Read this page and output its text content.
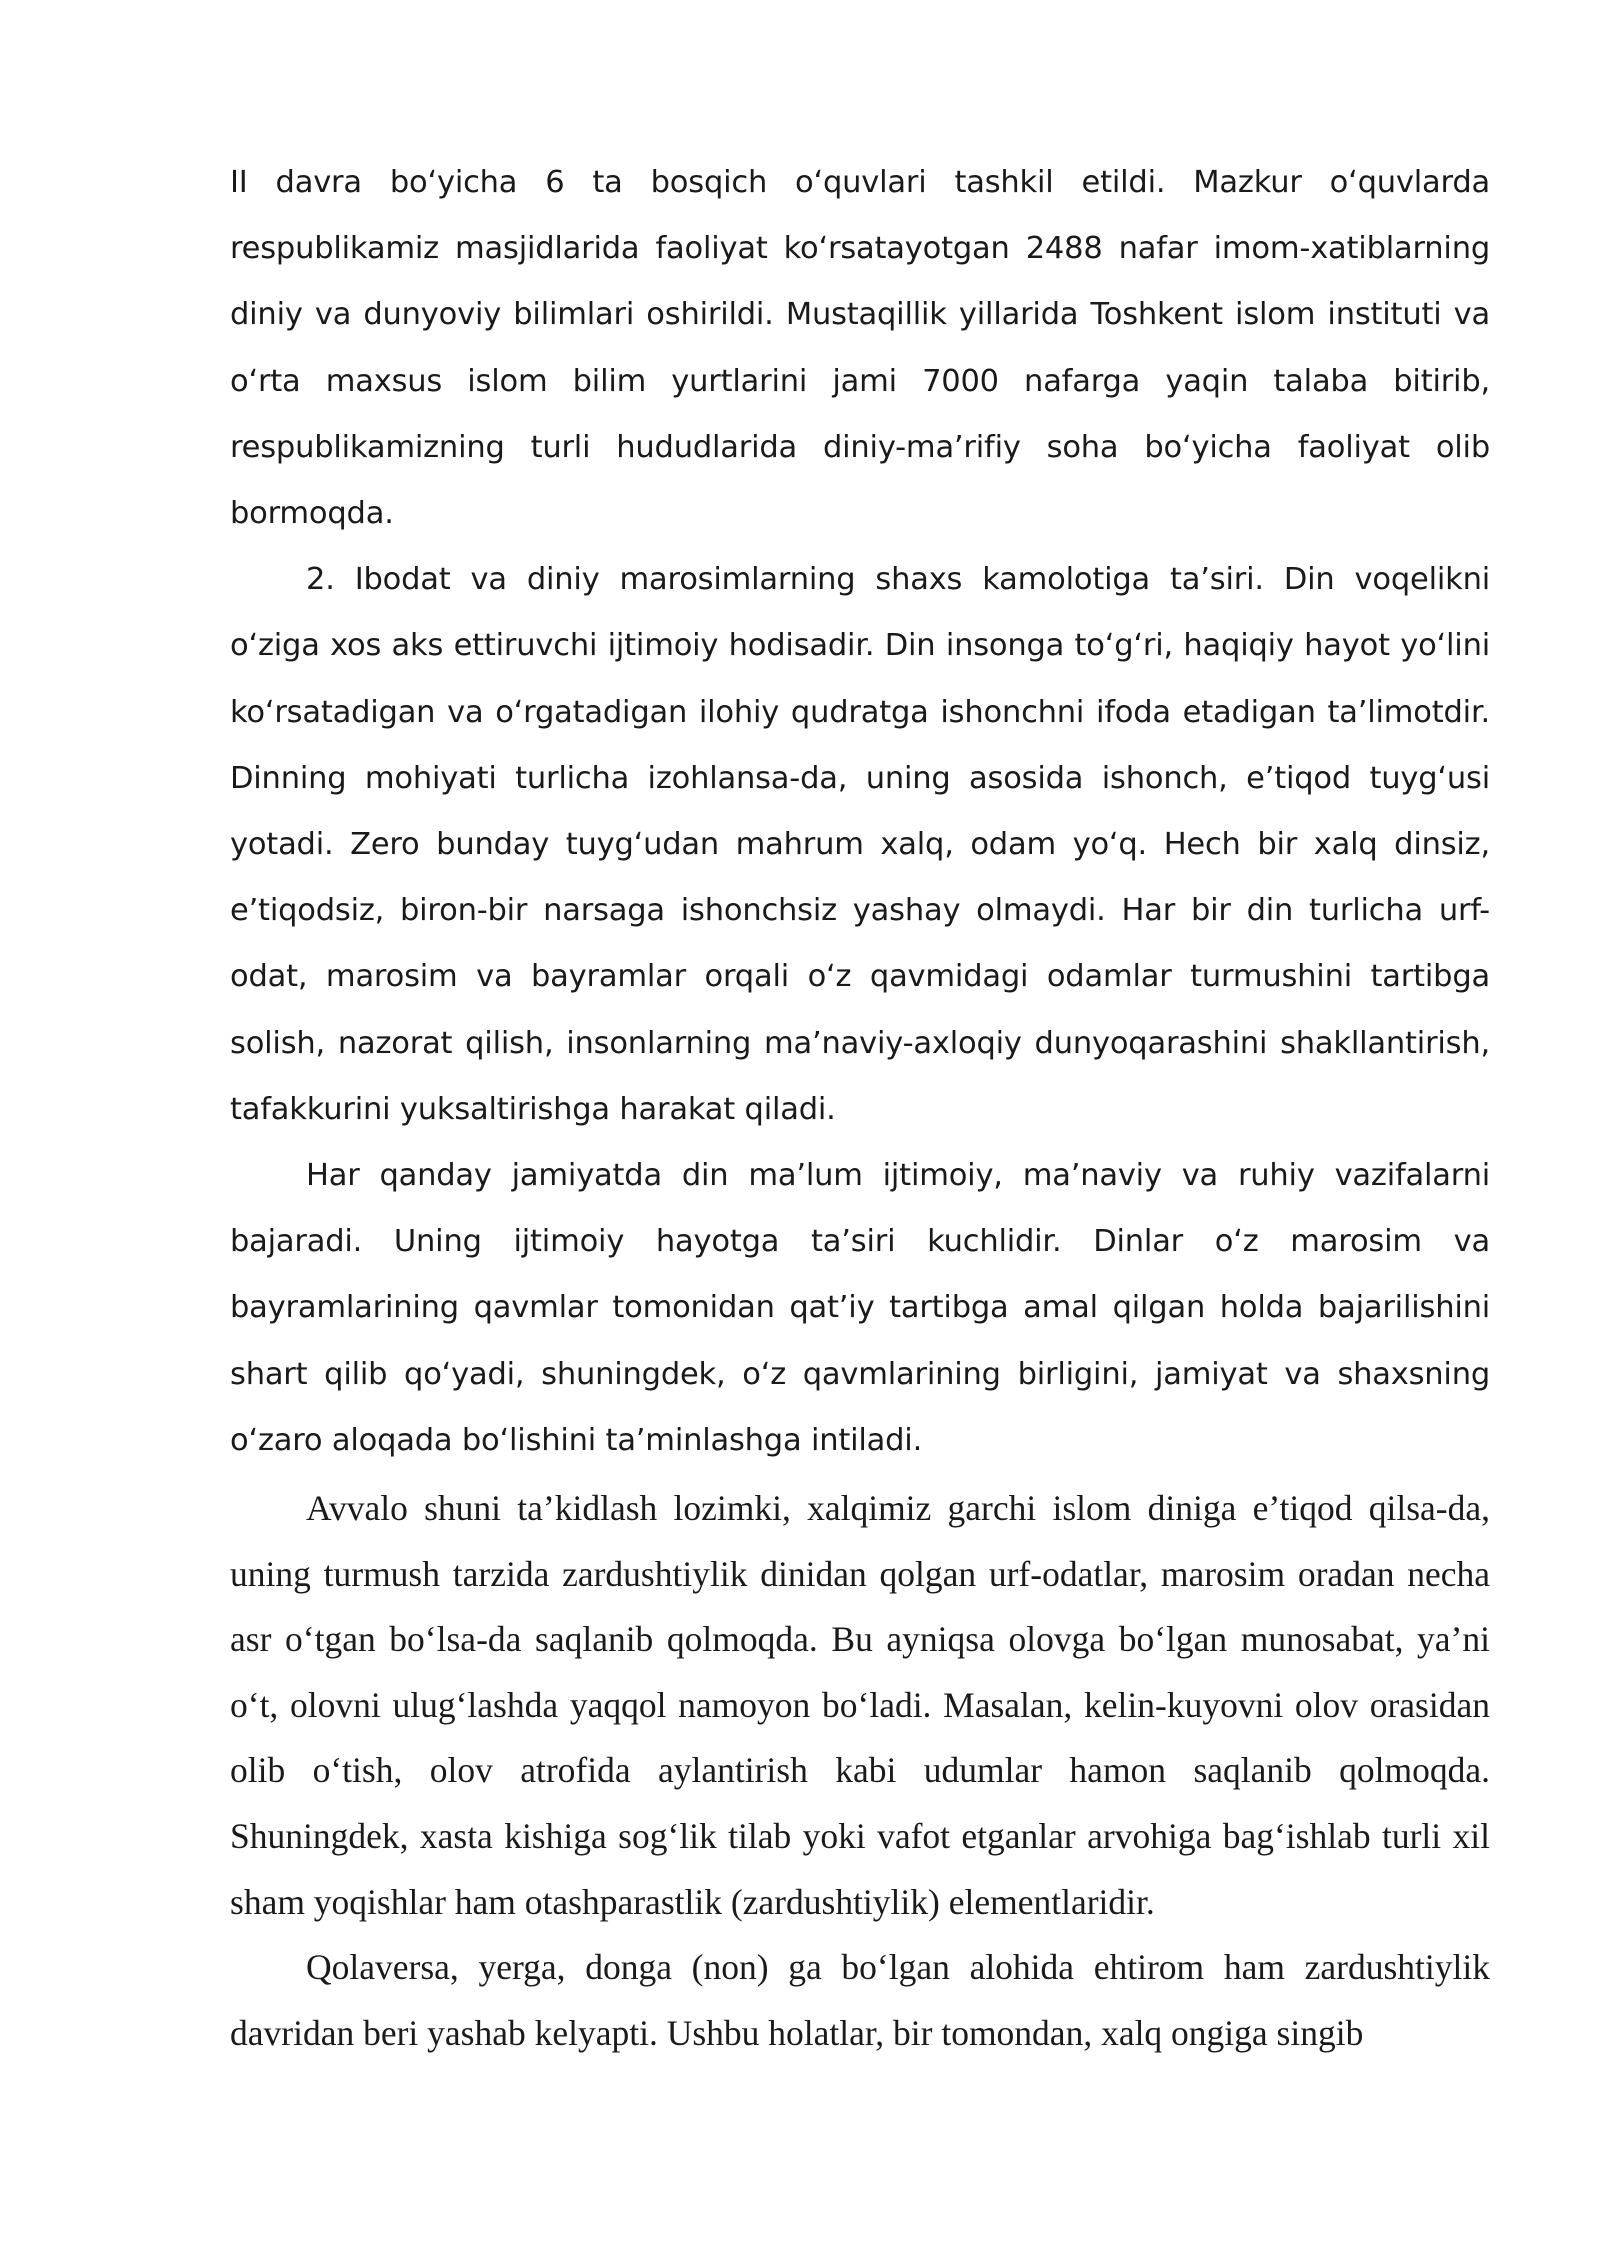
II davra bo‘yicha 6 ta bosqich o‘quvlari tashkil etildi. Mazkur o‘quvlarda respublikamiz masjidlarida faoliyat ko‘rsatayotgan 2488 nafar imom-xatiblarning diniy va dunyoviy bilimlari oshirildi. Mustaqillik yillarida Toshkent islom instituti va o‘rta maxsus islom bilim yurtlarini jami 7000 nafarga yaqin talaba bitirib, respublikamizning turli hududlarida diniy-ma’rifiy soha bo‘yicha faoliyat olib bormoqda.

2. Ibodat va diniy marosimlarning shaxs kamolotiga ta’siri. Din voqelikni o‘ziga xos aks ettiruvchi ijtimoiy hodisadir. Din insonga to‘g‘ri, haqiqiy hayot yo‘lini ko‘rsatadigan va o‘rgatadigan ilohiy qudratga ishonchni ifoda etadigan ta’limotdir. Dinning mohiyati turlicha izohlansa-da, uning asosida ishonch, e’tiqod tuyg‘usi yotadi. Zero bunday tuyg‘udan mahrum xalq, odam yo‘q. Hech bir xalq dinsiz, e’tiqodsiz, biron-bir narsaga ishonchsiz yashay olmaydi. Har bir din turlicha urf-odat, marosim va bayramlar orqali o‘z qavmidagi odamlar turmushini tartibga solish, nazorat qilish, insonlarning ma’naviy-axloqiy dunyoqarashini shakllantirish, tafakkurini yuksaltirishga harakat qiladi.

Har qanday jamiyatda din ma’lum ijtimoiy, ma’naviy va ruhiy vazifalarni bajaradi. Uning ijtimoiy hayotga ta’siri kuchlidir. Dinlar o‘z marosim va bayramlarining qavmlar tomonidan qat’iy tartibga amal qilgan holda bajarilishini shart qilib qo‘yadi, shuningdek, o‘z qavmlarining birligini, jamiyat va shaxsning o‘zaro aloqada bo‘lishini ta’minlashga intiladi.

Avvalo shuni ta’kidlash lozimki, xalqimiz garchi islom diniga e’tiqod qilsa-da, uning turmush tarzida zardushtiylik dinidan qolgan urf-odatlar, marosim oradan necha asr o‘tgan bo‘lsa-da saqlanib qolmoqda. Bu ayniqsa olovga bo‘lgan munosabat, ya’ni o‘t, olovni ulug‘lashda yaqqol namoyon bo‘ladi. Masalan, kelin-kuyovni olov orasidan olib o‘tish, olov atrofida aylantirish kabi udumlar hamon saqlanib qolmoqda. Shuningdek, xasta kishiga sog‘lik tilab yoki vafot etganlar arvohiga bag‘ishlab turli xil sham yoqishlar ham otashparastlik (zardushtiylik) elementlaridir.

Qolaversa, yerga, donga (non) ga bo‘lgan alohida ehtirom ham zardushtiylik davridan beri yashab kelyapti. Ushbu holatlar, bir tomondan, xalq ongiga singib
